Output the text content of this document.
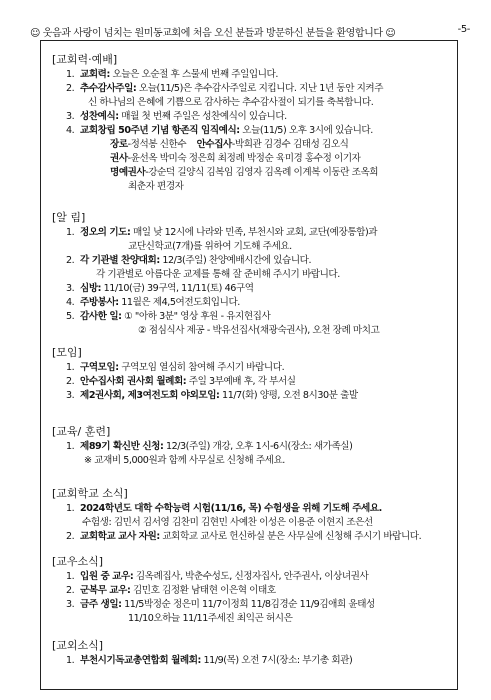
☺ 웃음과 사랑이 넘치는 원미동교회에 처음 오신 분들과 방문하신 분들을 환영합니다 ☺	-5-
[교회력·예배]
1. 교회력: 오늘은 오순절 후 스물세 번째 주일입니다.
2. 추수감사주일: 오늘(11/5)은 추수감사주일로 지킵니다. 지난 1년 동안 지켜주
신 하나님의 은혜에 기쁨으로 감사하는 추수감사절이 되기를 축복합니다.
3. 성찬예식: 매월 첫 번째 주일은 성찬예식이 있습니다.
4. 교회창립 50주년 기념 항존직 임직예식: 오늘(11/5) 오후 3시에 있습니다.
장로-정석봉 신한수 안수집사-박희관 김경수 김태성 김오식
권사-윤선옥 박미숙 정은희 최정례 박정순 육미경 홍수정 이기자
명예권사-강순덕 길양식 김복임 김영자 김옥례 이계복 이동란 조옥희
최춘자 편경자
[알 림]
1. 정오의 기도: 매일 낮 12시에 나라와 민족, 부천시와 교회, 교단(예장통합)과
교단신학교(7개)를 위하여 기도해 주세요.
2. 각 기관별 찬양대회: 12/3(주일) 찬양예배시간에 있습니다.
각 기관별로 아름다운 교제를 통해 잘 준비해 주시기 바랍니다.
3. 심방: 11/10(금) 39구역, 11/11(토) 46구역
4. 주방봉사: 11월은 제4,5여전도회입니다.
5. 감사한 일: ① "아하 3분" 영상 후원 - 유지현집사
② 점심식사 제공 - 박유선집사(채광숙권사), 오천 장례 마치고
[모임]
1. 구역모임: 구역모임 열심히 참여해 주시기 바랍니다.
2. 안수집사회 권사회 월례회: 주일 3부예배 후, 각 부서실
3. 제2권사회, 제3여전도회 야외모임: 11/7(화) 양평, 오전 8시30분 출발
[교육/ 훈련]
1. 제89기 확신반 신청: 12/3(주일) 개강, 오후 1시-6시(장소: 새가족실)
※ 교재비 5,000원과 함께 사무실로 신청해 주세요.
[교회학교 소식]
1. 2024학년도 대학 수학능력 시험(11/16, 목) 수험생을 위해 기도해 주세요.
수험생: 김민서 김서영 김찬미 김현민 사예찬 이성은 이용준 이현지 조은선
2. 교회학교 교사 자원: 교회학교 교사로 헌신하실 분은 사무실에 신청해 주시기 바랍니다.
[교우소식]
1. 입원 중 교우: 김옥례집사, 박춘수성도, 신정자집사, 안주권사, 이상녀권사
2. 군복무 교우: 김민호 김정환 남태현 이은혁 이태호
3. 금주 생일: 11/5박정순 정은미 11/7이정희 11/8김경순 11/9김애희 윤태성
11/10오하늘 11/11주세진 최익곤 허시은
[교외소식]
1. 부천시기독교총연합회 월례회: 11/9(목) 오전 7시(장소: 부기총 회관)
